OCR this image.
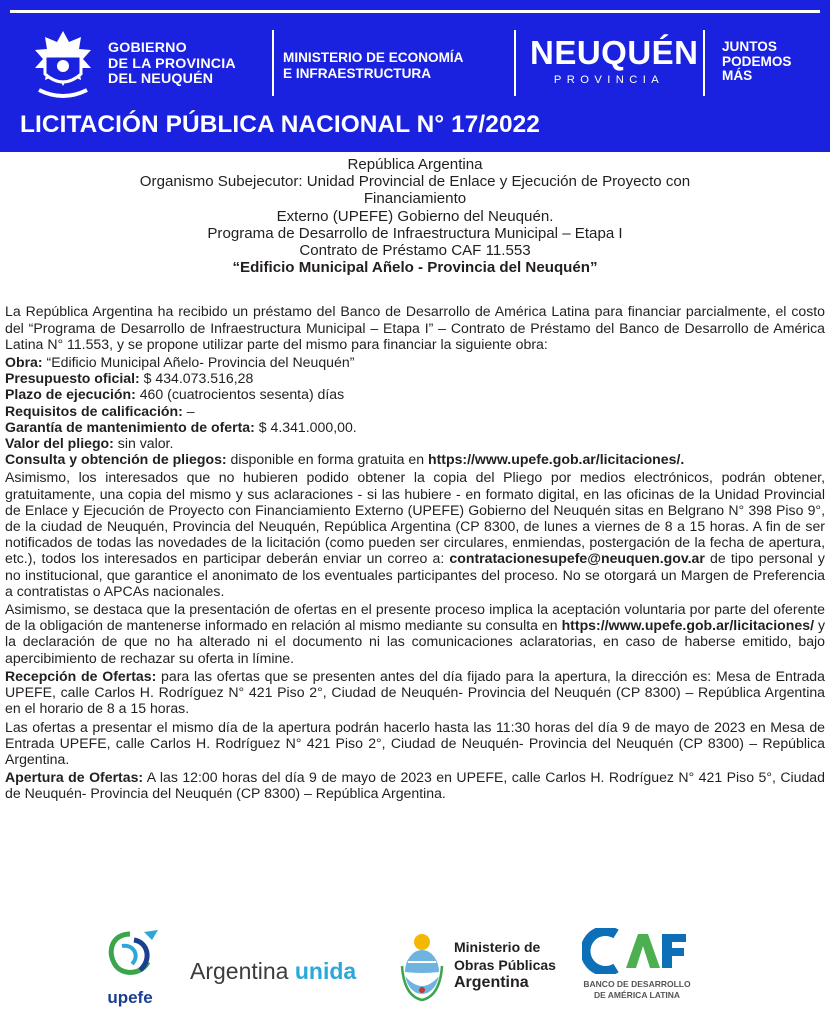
GOBIERNO
DE LA PROVINCIA
DEL NEUQUÉN
MINISTERIO DE ECONOMÍA
E INFRAESTRUCTURA
NEUQUÉN
PROVINCIA
JUNTOS
PODEMOS
MÁS
LICITACIÓN PÚBLICA NACIONAL N° 17/2022
República Argentina
Organismo Subejecutor: Unidad Provincial de Enlace y Ejecución de Proyecto con
Financiamiento
Externo (UPEFE) Gobierno del Neuquén.
Programa de Desarrollo de Infraestructura Municipal – Etapa I
Contrato de Préstamo CAF 11.553
“Edificio Municipal Añelo - Provincia del Neuquén”

La República Argentina ha recibido un préstamo del Banco de Desarrollo de América Latina para financiar parcialmente, el costo del “Programa de Desarrollo de Infraestructura Municipal – Etapa I” – Contrato de Préstamo del Banco de Desarrollo de América Latina N° 11.553, y se propone utilizar parte del mismo para financiar la siguiente obra:

Obra: “Edificio Municipal Añelo- Provincia del Neuquén”

Presupuesto oficial: $ 434.073.516,28

Plazo de ejecución: 460 (cuatrocientos sesenta) días

Requisitos de calificación: –

Garantía de mantenimiento de oferta: $ 4.341.000,00.

Valor del pliego: sin valor.

Consulta y obtención de pliegos: disponible en forma gratuita en https://www.upefe.gob.ar/licitaciones/.

Asimismo, los interesados que no hubieren podido obtener la copia del Pliego por medios electrónicos, podrán obtener, gratuitamente, una copia del mismo y sus aclaraciones - si las hubiere - en formato digital, en las oficinas de la Unidad Provincial de Enlace y Ejecución de Proyecto con Financiamiento Externo (UPEFE) Gobierno del Neuquén sitas en Belgrano N° 398 Piso 9°, de la ciudad de Neuquén, Provincia del Neuquén, República Argentina (CP 8300, de lunes a viernes de 8 a 15 horas. A fin de ser notificados de todas las novedades de la licitación (como pueden ser circulares, enmiendas, postergación de la fecha de apertura, etc.), todos los interesados en participar deberán enviar un correo a: contratacionesupefe@neuquen.gov.ar de tipo personal y no institucional, que garantice el anonimato de los eventuales participantes del proceso. No se otorgará un Margen de Preferencia a contratistas o APCAs nacionales.

Asimismo, se destaca que la presentación de ofertas en el presente proceso implica la aceptación voluntaria por parte del oferente de la obligación de mantenerse informado en relación al mismo mediante su consulta en https://www.upefe.gob.ar/licitaciones/ y la declaración de que no ha alterado ni el documento ni las comunicaciones aclaratorias, en caso de haberse emitido, bajo apercibimiento de rechazar su oferta in límine.

Recepción de Ofertas: para las ofertas que se presenten antes del día fijado para la apertura, la dirección es: Mesa de Entrada UPEFE, calle Carlos H. Rodríguez N° 421 Piso 2°, Ciudad de Neuquén- Provincia del Neuquén (CP 8300) – República Argentina en el horario de 8 a 15 horas.

Las ofertas a presentar el mismo día de la apertura podrán hacerlo hasta las 11:30 horas del día 9 de mayo de 2023 en Mesa de Entrada UPEFE, calle Carlos H. Rodríguez N° 421 Piso 2°, Ciudad de Neuquén- Provincia del Neuquén (CP 8300) – República Argentina.

Apertura de Ofertas: A las 12:00 horas del día 9 de mayo de 2023 en UPEFE, calle Carlos H. Rodríguez N° 421 Piso 5°, Ciudad de Neuquén- Provincia del Neuquén (CP 8300) – República Argentina.

upefe
Argentina unida
Ministerio de
Obras Públicas
Argentina	BANCO DE DESARROLLO
DE AMÉRICA LATINA
